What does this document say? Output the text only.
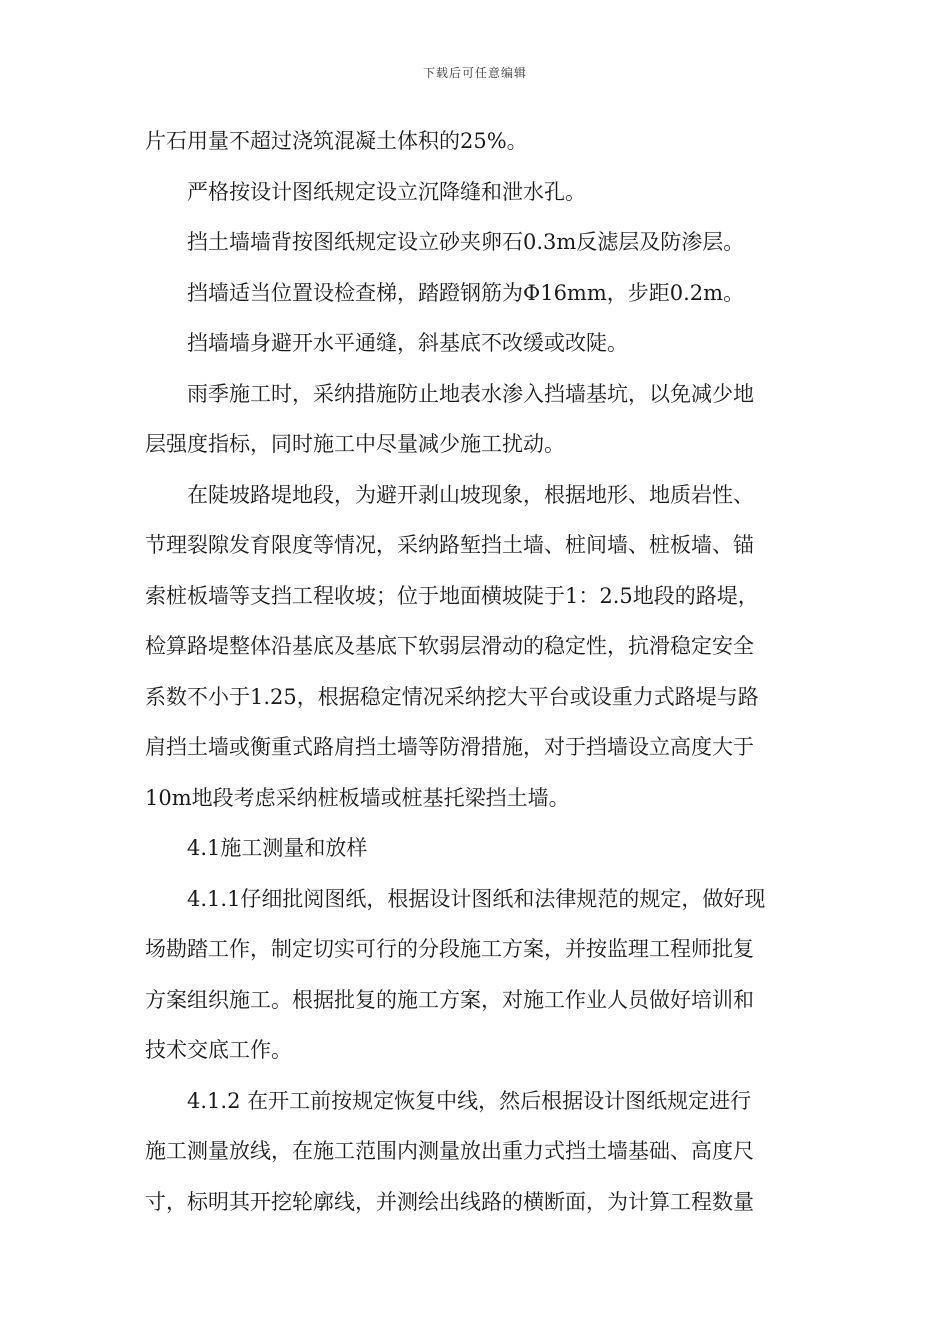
下载后可任意编辑

片石用量不超过浇筑混凝土体积的25%。

严格按设计图纸规定设立沉降缝和泄水孔。

挡土墙墙背按图纸规定设立砂夹卵石0.3m反滤层及防渗层。

挡墙适当位置设检查梯，踏蹬钢筋为Φ16mm，步距0.2m。

挡墙墙身避开水平通缝，斜基底不改缓或改陡。

雨季施工时，采纳措施防止地表水渗入挡墙基坑，以免减少地

层强度指标，同时施工中尽量减少施工扰动。

在陡坡路堤地段，为避开剥山坡现象，根据地形、地质岩性、

节理裂隙发育限度等情况，采纳路堑挡土墙、桩间墙、桩板墙、锚

索桩板墙等支挡工程收坡；位于地面横坡陡于1：2.5地段的路堤，

检算路堤整体沿基底及基底下软弱层滑动的稳定性，抗滑稳定安全

系数不小于1.25，根据稳定情况采纳挖大平台或设重力式路堤与路

肩挡土墙或衡重式路肩挡土墙等防滑措施，对于挡墙设立高度大于

10m地段考虑采纳桩板墙或桩基托梁挡土墙。

4.1施工测量和放样

4.1.1仔细批阅图纸，根据设计图纸和法律规范的规定，做好现

场勘踏工作，制定切实可行的分段施工方案，并按监理工程师批复

方案组织施工。根据批复的施工方案，对施工作业人员做好培训和

技术交底工作。

4.1.2 在开工前按规定恢复中线，然后根据设计图纸规定进行

施工测量放线，在施工范围内测量放出重力式挡土墙基础、高度尺

寸，标明其开挖轮廓线，并测绘出线路的横断面，为计算工程数量
